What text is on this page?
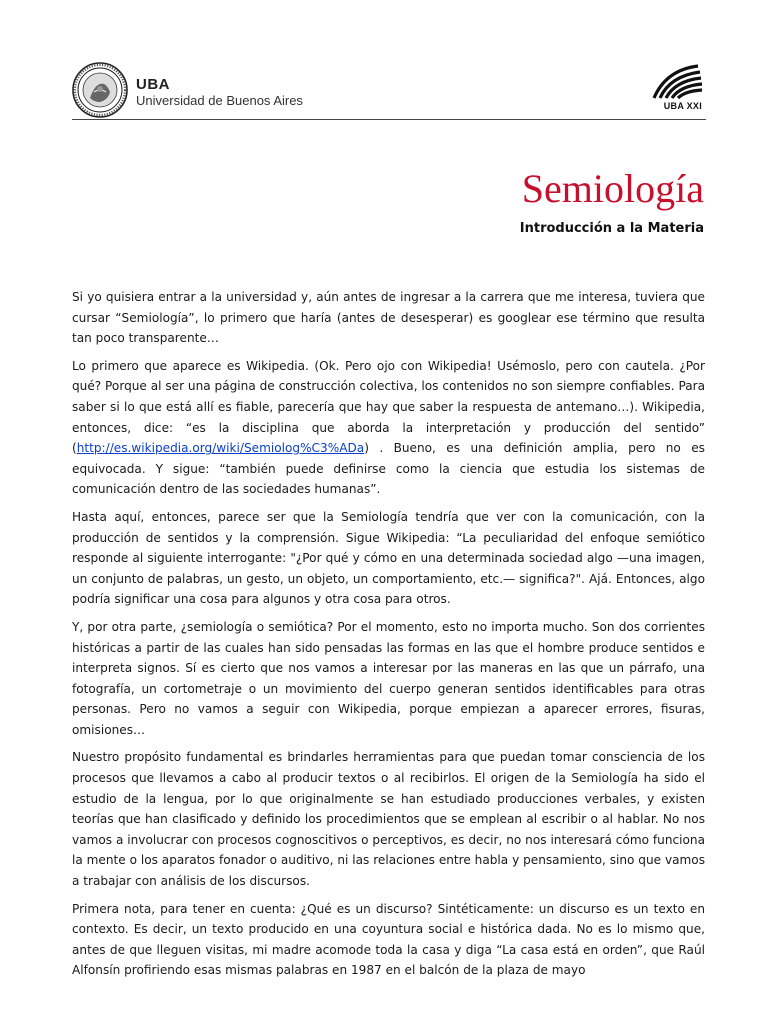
UBA
Universidad de Buenos Aires	UBA XXI
Semiología
Introducción a la Materia

Si yo quisiera entrar a la universidad y, aún antes de ingresar a la carrera que me interesa, tuviera que cursar “Semiología”, lo primero que haría (antes de desesperar) es googlear ese término que resulta tan poco transparente…

Lo primero que aparece es Wikipedia. (Ok. Pero ojo con Wikipedia! Usémoslo, pero con cautela. ¿Por qué? Porque al ser una página de construcción colectiva, los contenidos no son siempre confiables. Para saber si lo que está allí es fiable, parecería que hay que saber la respuesta de antemano…). Wikipedia, entonces, dice: “es la disciplina que aborda la interpretación y producción del sentido” (http://es.wikipedia.org/wiki/Semiolog%C3%ADa) . Bueno, es una definición amplia, pero no es equivocada. Y sigue: “también puede definirse como la ciencia que estudia los sistemas de comunicación dentro de las sociedades humanas”.

Hasta aquí, entonces, parece ser que la Semiología tendría que ver con la comunicación, con la producción de sentidos y la comprensión. Sigue Wikipedia: “La peculiaridad del enfoque semiótico responde al siguiente interrogante: "¿Por qué y cómo en una determinada sociedad algo —una imagen, un conjunto de palabras, un gesto, un objeto, un comportamiento, etc.— significa?". Ajá. Entonces, algo podría significar una cosa para algunos y otra cosa para otros.

Y, por otra parte, ¿semiología o semiótica? Por el momento, esto no importa mucho. Son dos corrientes históricas a partir de las cuales han sido pensadas las formas en las que el hombre produce sentidos e interpreta signos. Sí es cierto que nos vamos a interesar por las maneras en las que un párrafo, una fotografía, un cortometraje o un movimiento del cuerpo generan sentidos identificables para otras personas. Pero no vamos a seguir con Wikipedia, porque empiezan a aparecer errores, fisuras, omisiones…

Nuestro propósito fundamental es brindarles herramientas para que puedan tomar consciencia de los procesos que llevamos a cabo al producir textos o al recibirlos. El origen de la Semiología ha sido el estudio de la lengua, por lo que originalmente se han estudiado producciones verbales, y existen teorías que han clasificado y definido los procedimientos que se emplean al escribir o al hablar. No nos vamos a involucrar con procesos cognoscitivos o perceptivos, es decir, no nos interesará cómo funciona la mente o los aparatos fonador o auditivo, ni las relaciones entre habla y pensamiento, sino que vamos a trabajar con análisis de los discursos.

Primera nota, para tener en cuenta: ¿Qué es un discurso? Sintéticamente: un discurso es un texto en contexto. Es decir, un texto producido en una coyuntura social e histórica dada. No es lo mismo que, antes de que lleguen visitas, mi madre acomode toda la casa y diga “La casa está en orden”, que Raúl Alfonsín profiriendo esas mismas palabras en 1987 en el balcón de la plaza de mayo
